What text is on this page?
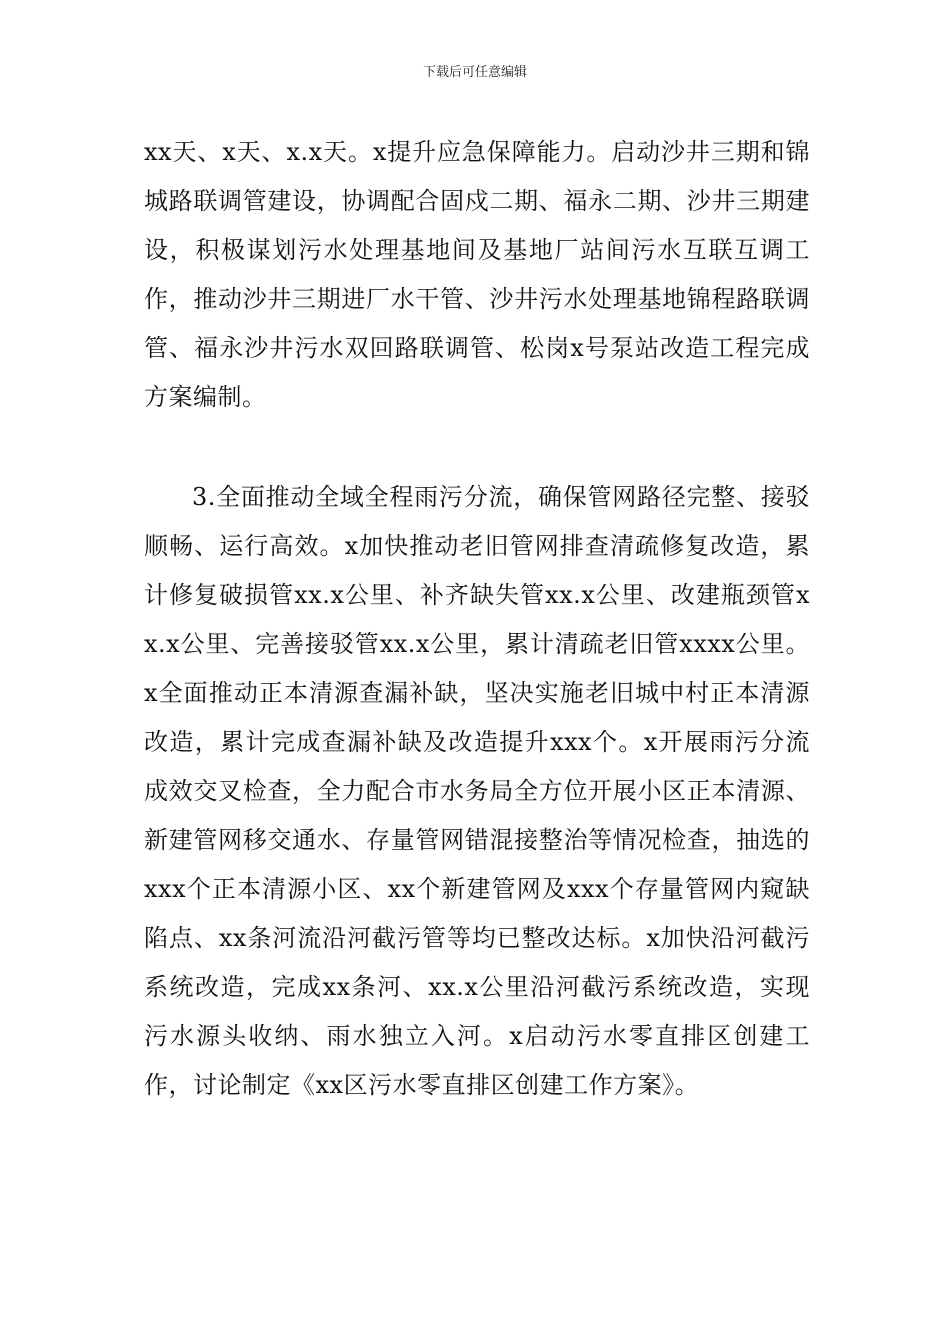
下载后可任意编辑

xx天、x天、x.x天。x提升应急保障能力。启动沙井三期和锦城路联调管建设，协调配合固戍二期、福永二期、沙井三期建设，积极谋划污水处理基地间及基地厂站间污水互联互调工作，推动沙井三期进厂水干管、沙井污水处理基地锦程路联调管、福永沙井污水双回路联调管、松岗x号泵站改造工程完成方案编制。

3.全面推动全域全程雨污分流，确保管网路径完整、接驳顺畅、运行高效。x加快推动老旧管网排查清疏修复改造，累计修复破损管xx.x公里、补齐缺失管xx.x公里、改建瓶颈管xx.x公里、完善接驳管xx.x公里，累计清疏老旧管xxxx公里。x全面推动正本清源查漏补缺，坚决实施老旧城中村正本清源改造，累计完成查漏补缺及改造提升xxx个。x开展雨污分流成效交叉检查，全力配合市水务局全方位开展小区正本清源、新建管网移交通水、存量管网错混接整治等情况检查，抽选的xxx个正本清源小区、xx个新建管网及xxx个存量管网内窥缺陷点、xx条河流沿河截污管等均已整改达标。x加快沿河截污系统改造，完成xx条河、xx.x公里沿河截污系统改造，实现污水源头收纳、雨水独立入河。x启动污水零直排区创建工作，讨论制定《xx区污水零直排区创建工作方案》。
